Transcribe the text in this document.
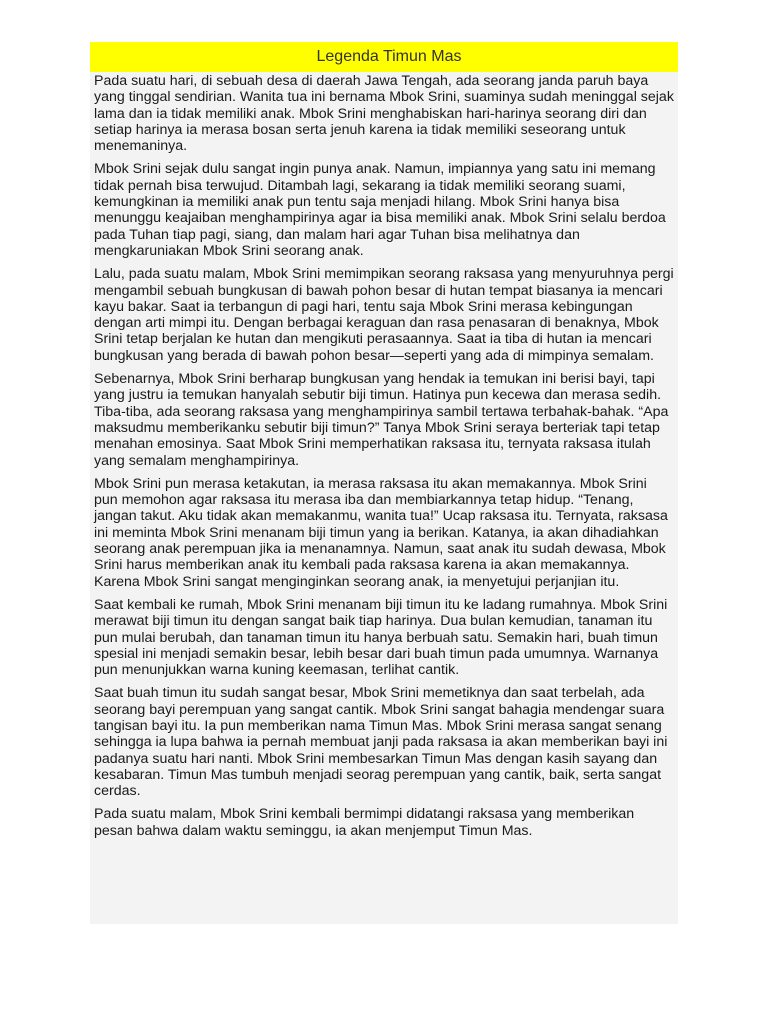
Legenda Timun Mas

Pada suatu hari, di sebuah desa di daerah Jawa Tengah, ada seorang janda paruh baya yang tinggal sendirian. Wanita tua ini bernama Mbok Srini, suaminya sudah meninggal sejak lama dan ia tidak memiliki anak. Mbok Srini menghabiskan hari-harinya seorang diri dan setiap harinya ia merasa bosan serta jenuh karena ia tidak memiliki seseorang untuk menemaninya.

Mbok Srini sejak dulu sangat ingin punya anak. Namun, impiannya yang satu ini memang tidak pernah bisa terwujud. Ditambah lagi, sekarang ia tidak memiliki seorang suami, kemungkinan ia memiliki anak pun tentu saja menjadi hilang. Mbok Srini hanya bisa menunggu keajaiban menghampirinya agar ia bisa memiliki anak. Mbok Srini selalu berdoa pada Tuhan tiap pagi, siang, dan malam hari agar Tuhan bisa melihatnya dan mengkaruniakan Mbok Srini seorang anak.

Lalu, pada suatu malam, Mbok Srini memimpikan seorang raksasa yang menyuruhnya pergi mengambil sebuah bungkusan di bawah pohon besar di hutan tempat biasanya ia mencari kayu bakar. Saat ia terbangun di pagi hari, tentu saja Mbok Srini merasa kebingungan dengan arti mimpi itu. Dengan berbagai keraguan dan rasa penasaran di benaknya, Mbok Srini tetap berjalan ke hutan dan mengikuti perasaannya. Saat ia tiba di hutan ia mencari bungkusan yang berada di bawah pohon besar—seperti yang ada di mimpinya semalam.

Sebenarnya, Mbok Srini berharap bungkusan yang hendak ia temukan ini berisi bayi, tapi yang justru ia temukan hanyalah sebutir biji timun. Hatinya pun kecewa dan merasa sedih. Tiba-tiba, ada seorang raksasa yang menghampirinya sambil tertawa terbahak-bahak. “Apa maksudmu memberikanku sebutir biji timun?” Tanya Mbok Srini seraya berteriak tapi tetap menahan emosinya. Saat Mbok Srini memperhatikan raksasa itu, ternyata raksasa itulah yang semalam menghampirinya.

Mbok Srini pun merasa ketakutan, ia merasa raksasa itu akan memakannya. Mbok Srini pun memohon agar raksasa itu merasa iba dan membiarkannya tetap hidup. “Tenang, jangan takut. Aku tidak akan memakanmu, wanita tua!” Ucap raksasa itu. Ternyata, raksasa ini meminta Mbok Srini menanam biji timun yang ia berikan. Katanya, ia akan dihadiahkan seorang anak perempuan jika ia menanamnya. Namun, saat anak itu sudah dewasa, Mbok Srini harus memberikan anak itu kembali pada raksasa karena ia akan memakannya. Karena Mbok Srini sangat menginginkan seorang anak, ia menyetujui perjanjian itu.

Saat kembali ke rumah, Mbok Srini menanam biji timun itu ke ladang rumahnya. Mbok Srini merawat biji timun itu dengan sangat baik tiap harinya. Dua bulan kemudian, tanaman itu pun mulai berubah, dan tanaman timun itu hanya berbuah satu. Semakin hari, buah timun spesial ini menjadi semakin besar, lebih besar dari buah timun pada umumnya. Warnanya pun menunjukkan warna kuning keemasan, terlihat cantik.

Saat buah timun itu sudah sangat besar, Mbok Srini memetiknya dan saat terbelah, ada seorang bayi perempuan yang sangat cantik. Mbok Srini sangat bahagia mendengar suara tangisan bayi itu. Ia pun memberikan nama Timun Mas. Mbok Srini merasa sangat senang sehingga ia lupa bahwa ia pernah membuat janji pada raksasa ia akan memberikan bayi ini padanya suatu hari nanti. Mbok Srini membesarkan Timun Mas dengan kasih sayang dan kesabaran. Timun Mas tumbuh menjadi seorag perempuan yang cantik, baik, serta sangat cerdas.

Pada suatu malam, Mbok Srini kembali bermimpi didatangi raksasa yang memberikan pesan bahwa dalam waktu seminggu, ia akan menjemput Timun Mas.
